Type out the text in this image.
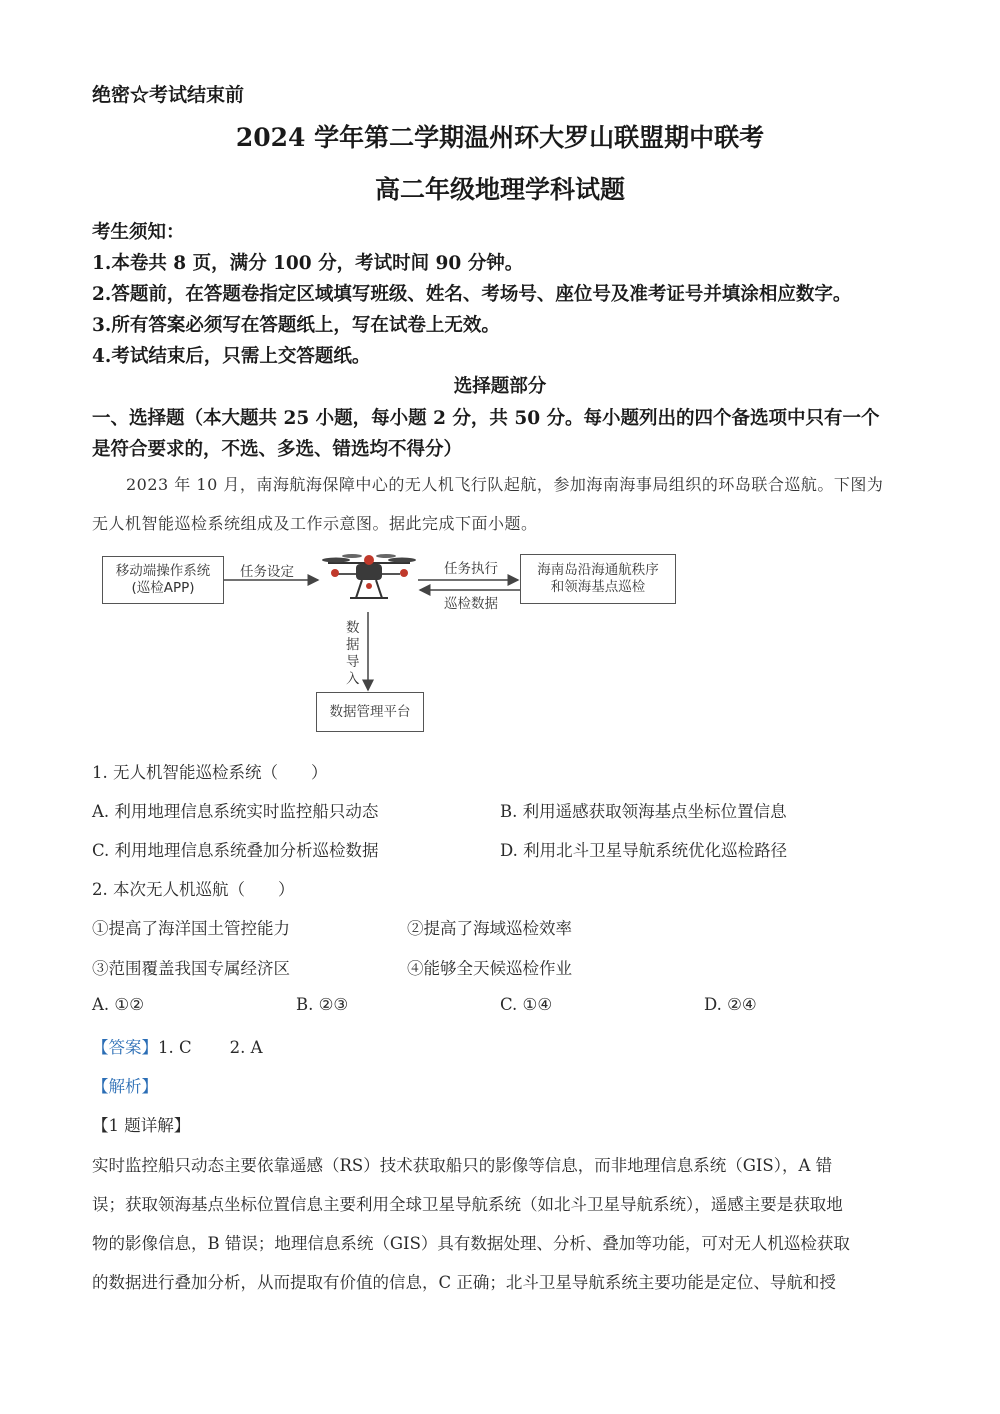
绝密☆考试结束前
2024 学年第二学期温州环大罗山联盟期中联考
高二年级地理学科试题
考生须知：
1.本卷共 8 页，满分 100 分，考试时间 90 分钟。
2.答题前，在答题卷指定区域填写班级、姓名、考场号、座位号及准考证号并填涂相应数字。
3.所有答案必须写在答题纸上，写在试卷上无效。
4.考试结束后，只需上交答题纸。
选择题部分
一、选择题（本大题共 25 小题，每小题 2 分，共 50 分。每小题列出的四个备选项中只有一个
是符合要求的，不选、多选、错选均不得分）
2023 年 10 月，南海航海保障中心的无人机飞行队起航，参加海南海事局组织的环岛联合巡航。下图为
无人机智能巡检系统组成及工作示意图。据此完成下面小题。
移动端操作系统
(巡检APP)
任务设定	任务执行
巡检数据
海南岛沿海通航秩序
和领海基点巡检
数
据
导
入
数据管理平台
1. 无人机智能巡检系统（　　）
A. 利用地理信息系统实时监控船只动态	B. 利用遥感获取领海基点坐标位置信息
C. 利用地理信息系统叠加分析巡检数据	D. 利用北斗卫星导航系统优化巡检路径
2. 本次无人机巡航（　　）
①提高了海洋国土管控能力	②提高了海域巡检效率
③范围覆盖我国专属经济区	④能够全天候巡检作业
A. ①②	B. ②③	C. ①④	D. ②④
【答案】1. C 2. A
【解析】
【1 题详解】
实时监控船只动态主要依靠遥感（RS）技术获取船只的影像等信息，而非地理信息系统（GIS），A 错
误；获取领海基点坐标位置信息主要利用全球卫星导航系统（如北斗卫星导航系统），遥感主要是获取地
物的影像信息，B 错误；地理信息系统（GIS）具有数据处理、分析、叠加等功能，可对无人机巡检获取
的数据进行叠加分析，从而提取有价值的信息，C 正确；北斗卫星导航系统主要功能是定位、导航和授
